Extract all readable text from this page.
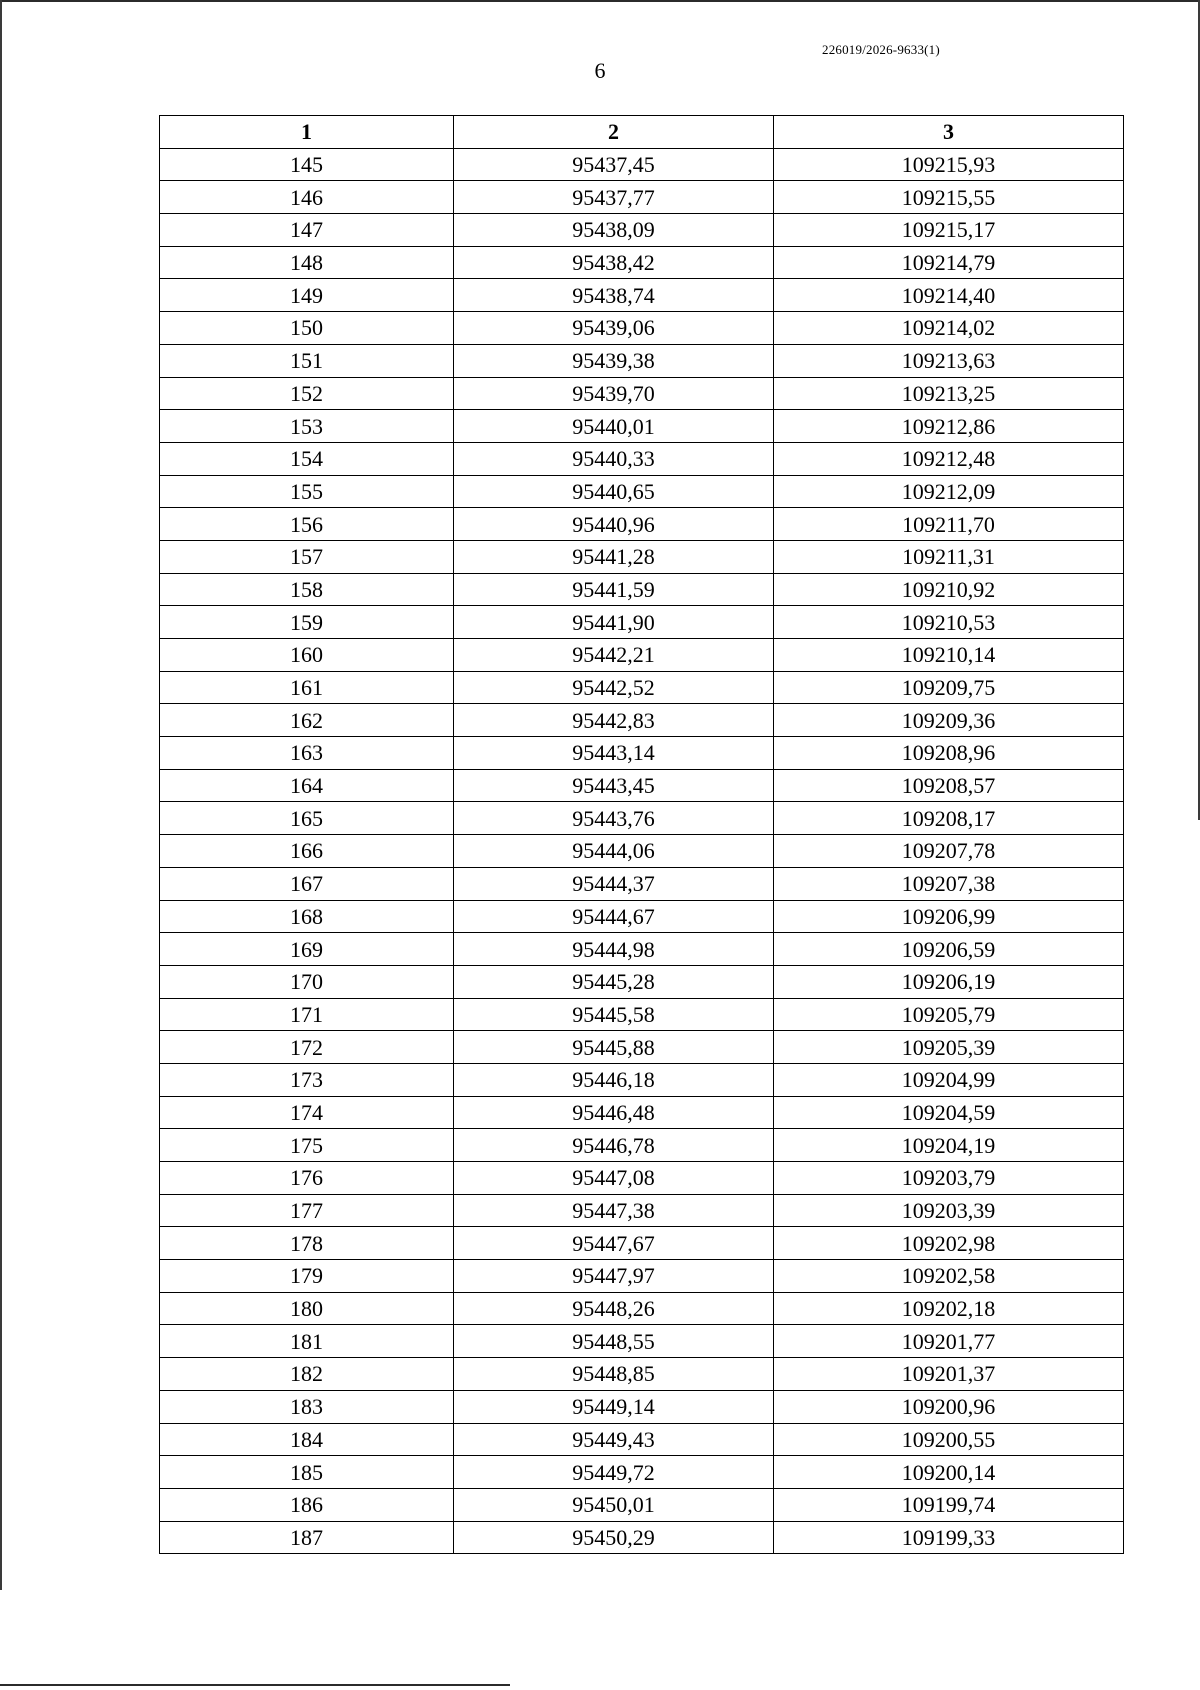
226019/2026-9633(1)
6
1	2	3
145	95437,45	109215,93
146	95437,77	109215,55
147	95438,09	109215,17
148	95438,42	109214,79
149	95438,74	109214,40
150	95439,06	109214,02
151	95439,38	109213,63
152	95439,70	109213,25
153	95440,01	109212,86
154	95440,33	109212,48
155	95440,65	109212,09
156	95440,96	109211,70
157	95441,28	109211,31
158	95441,59	109210,92
159	95441,90	109210,53
160	95442,21	109210,14
161	95442,52	109209,75
162	95442,83	109209,36
163	95443,14	109208,96
164	95443,45	109208,57
165	95443,76	109208,17
166	95444,06	109207,78
167	95444,37	109207,38
168	95444,67	109206,99
169	95444,98	109206,59
170	95445,28	109206,19
171	95445,58	109205,79
172	95445,88	109205,39
173	95446,18	109204,99
174	95446,48	109204,59
175	95446,78	109204,19
176	95447,08	109203,79
177	95447,38	109203,39
178	95447,67	109202,98
179	95447,97	109202,58
180	95448,26	109202,18
181	95448,55	109201,77
182	95448,85	109201,37
183	95449,14	109200,96
184	95449,43	109200,55
185	95449,72	109200,14
186	95450,01	109199,74
187	95450,29	109199,33
